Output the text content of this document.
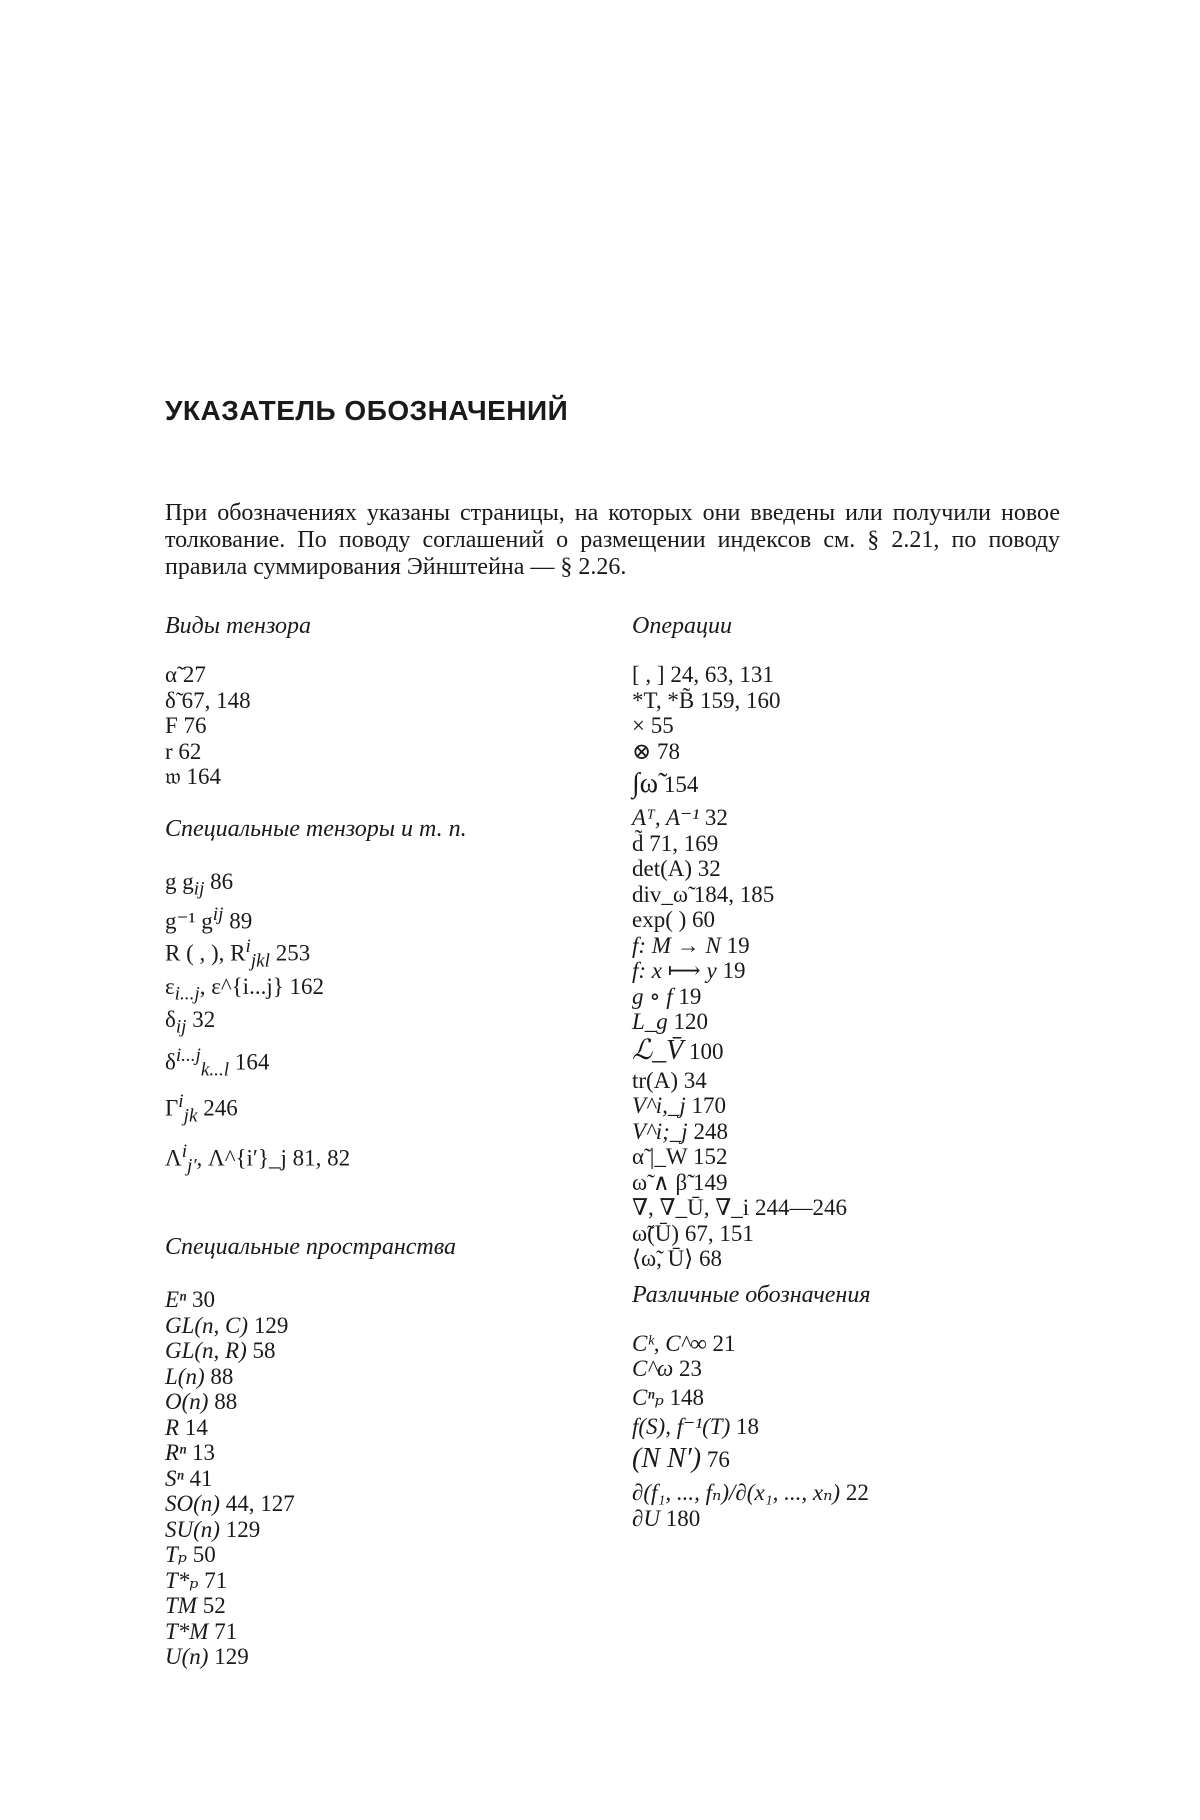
УКАЗАТЕЛЬ ОБОЗНАЧЕНИЙ
При обозначениях указаны страницы, на которых они введены или получили новое толкование. По поводу соглашений о размещении индексов см. § 2.21, по поводу правила суммирования Эйнштейна — § 2.26.
Виды тензора
α̃ 27
δ̃ 67, 148
F 76
r 62
𝔴 164
Специальные тензоры и т. п.
g $g_{ij}$ 86
g⁻¹ $g^{ij}$ 89
R ( , ), $R^i_{jkl}$ 253
$\varepsilon_{i...j}$, ε^{i...j} 162
$\delta_{ij}$ 32
$\delta^{i...j}_{k...l}$ 164
$\Gamma^i_{jk}$ 246
$\Lambda^i_{j'}$, Λ^{i′}_j 81, 82
Специальные пространства
Eⁿ 30
GL(n, C) 129
GL(n, R) 58
L(n) 88
O(n) 88
R 14
Rⁿ 13
Sⁿ 41
SO(n) 44, 127
SU(n) 129
Tₚ 50
T*ₚ 71
TM 52
T*M 71
U(n) 129
Операции
[ , ] 24, 63, 131
*T, *B̃ 159, 160
× 55
⊗ 78
∫ω̃ 154
Aᵀ, A⁻¹ 32
d̃ 71, 169
det(A) 32
div_ω̃ 184, 185
exp( ) 60
f: M → N 19
f: x ⟼ y 19
g ∘ f 19
L_g 120
ℒ_V̄ 100
tr(A) 34
V^i,_j 170
V^i;_j 248
α̃ |_W 152
ω̃ ∧ β̃ 149
∇, ∇_Ū, ∇_i 244—246
ω̃(Ū) 67, 151
⟨ω̃, Ū⟩ 68
Различные обозначения
Cᵏ, C^∞ 21
C^ω 23
Cⁿₚ 148
f(S), f⁻¹(T) 18
(N N′) 76
∂(f₁, ..., fₙ)/∂(x₁, ..., xₙ) 22
∂U 180
